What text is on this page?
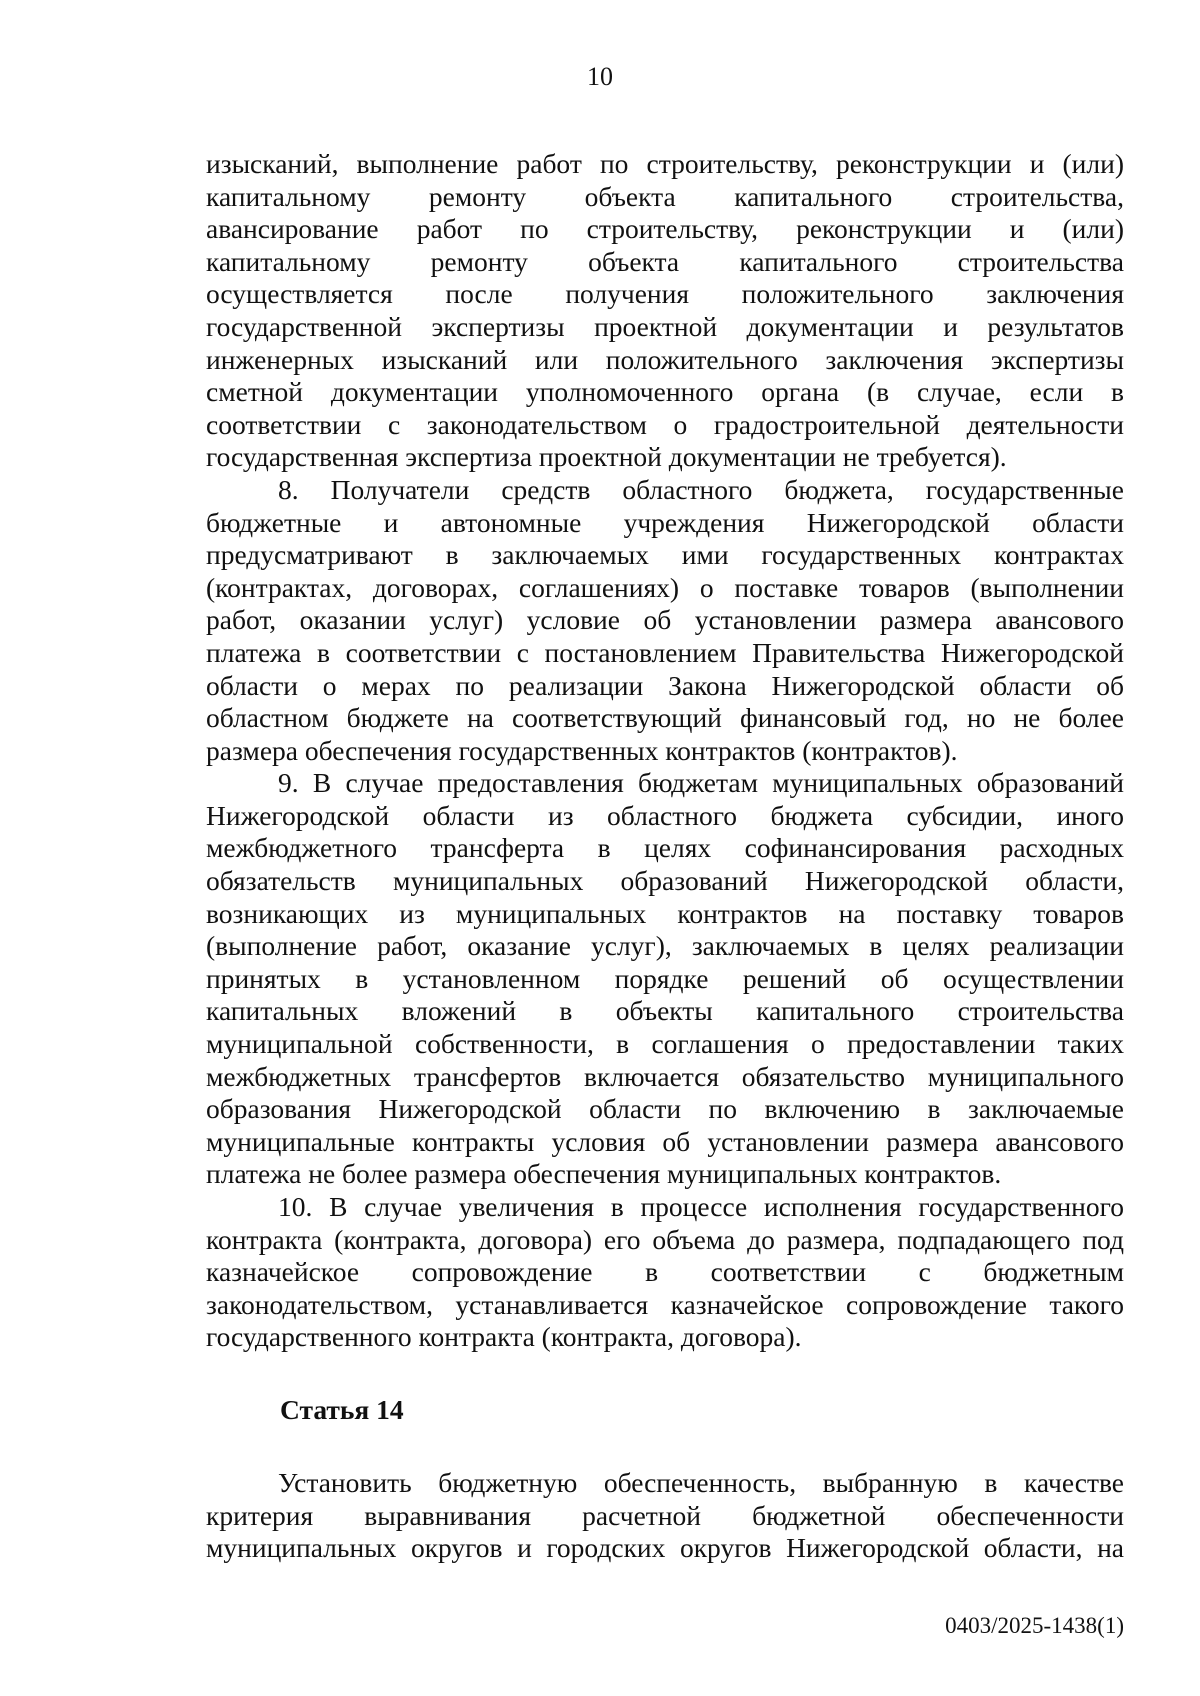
10
изысканий, выполнение работ по строительству, реконструкции и (или)
капитальному ремонту объекта капитального строительства,
авансирование работ по строительству, реконструкции и (или)
капитальному ремонту объекта капитального строительства
осуществляется после получения положительного заключения
государственной экспертизы проектной документации и результатов
инженерных изысканий или положительного заключения экспертизы
сметной документации уполномоченного органа (в случае, если в
соответствии с законодательством о градостроительной деятельности
государственная экспертиза проектной документации не требуется).
8. Получатели средств областного бюджета, государственные
бюджетные и автономные учреждения Нижегородской области
предусматривают в заключаемых ими государственных контрактах
(контрактах, договорах, соглашениях) о поставке товаров (выполнении
работ, оказании услуг) условие об установлении размера авансового
платежа в соответствии с постановлением Правительства Нижегородской
области о мерах по реализации Закона Нижегородской области об
областном бюджете на соответствующий финансовый год, но не более
размера обеспечения государственных контрактов (контрактов).
9. В случае предоставления бюджетам муниципальных образований
Нижегородской области из областного бюджета субсидии, иного
межбюджетного трансферта в целях софинансирования расходных
обязательств муниципальных образований Нижегородской области,
возникающих из муниципальных контрактов на поставку товаров
(выполнение работ, оказание услуг), заключаемых в целях реализации
принятых в установленном порядке решений об осуществлении
капитальных вложений в объекты капитального строительства
муниципальной собственности, в соглашения о предоставлении таких
межбюджетных трансфертов включается обязательство муниципального
образования Нижегородской области по включению в заключаемые
муниципальные контракты условия об установлении размера авансового
платежа не более размера обеспечения муниципальных контрактов.
10. В случае увеличения в процессе исполнения государственного
контракта (контракта, договора) его объема до размера, подпадающего под
казначейское сопровождение в соответствии с бюджетным
законодательством, устанавливается казначейское сопровождение такого
государственного контракта (контракта, договора).
Статья 14
Установить бюджетную обеспеченность, выбранную в качестве
критерия выравнивания расчетной бюджетной обеспеченности
муниципальных округов и городских округов Нижегородской области, на
0403/2025-1438(1)
